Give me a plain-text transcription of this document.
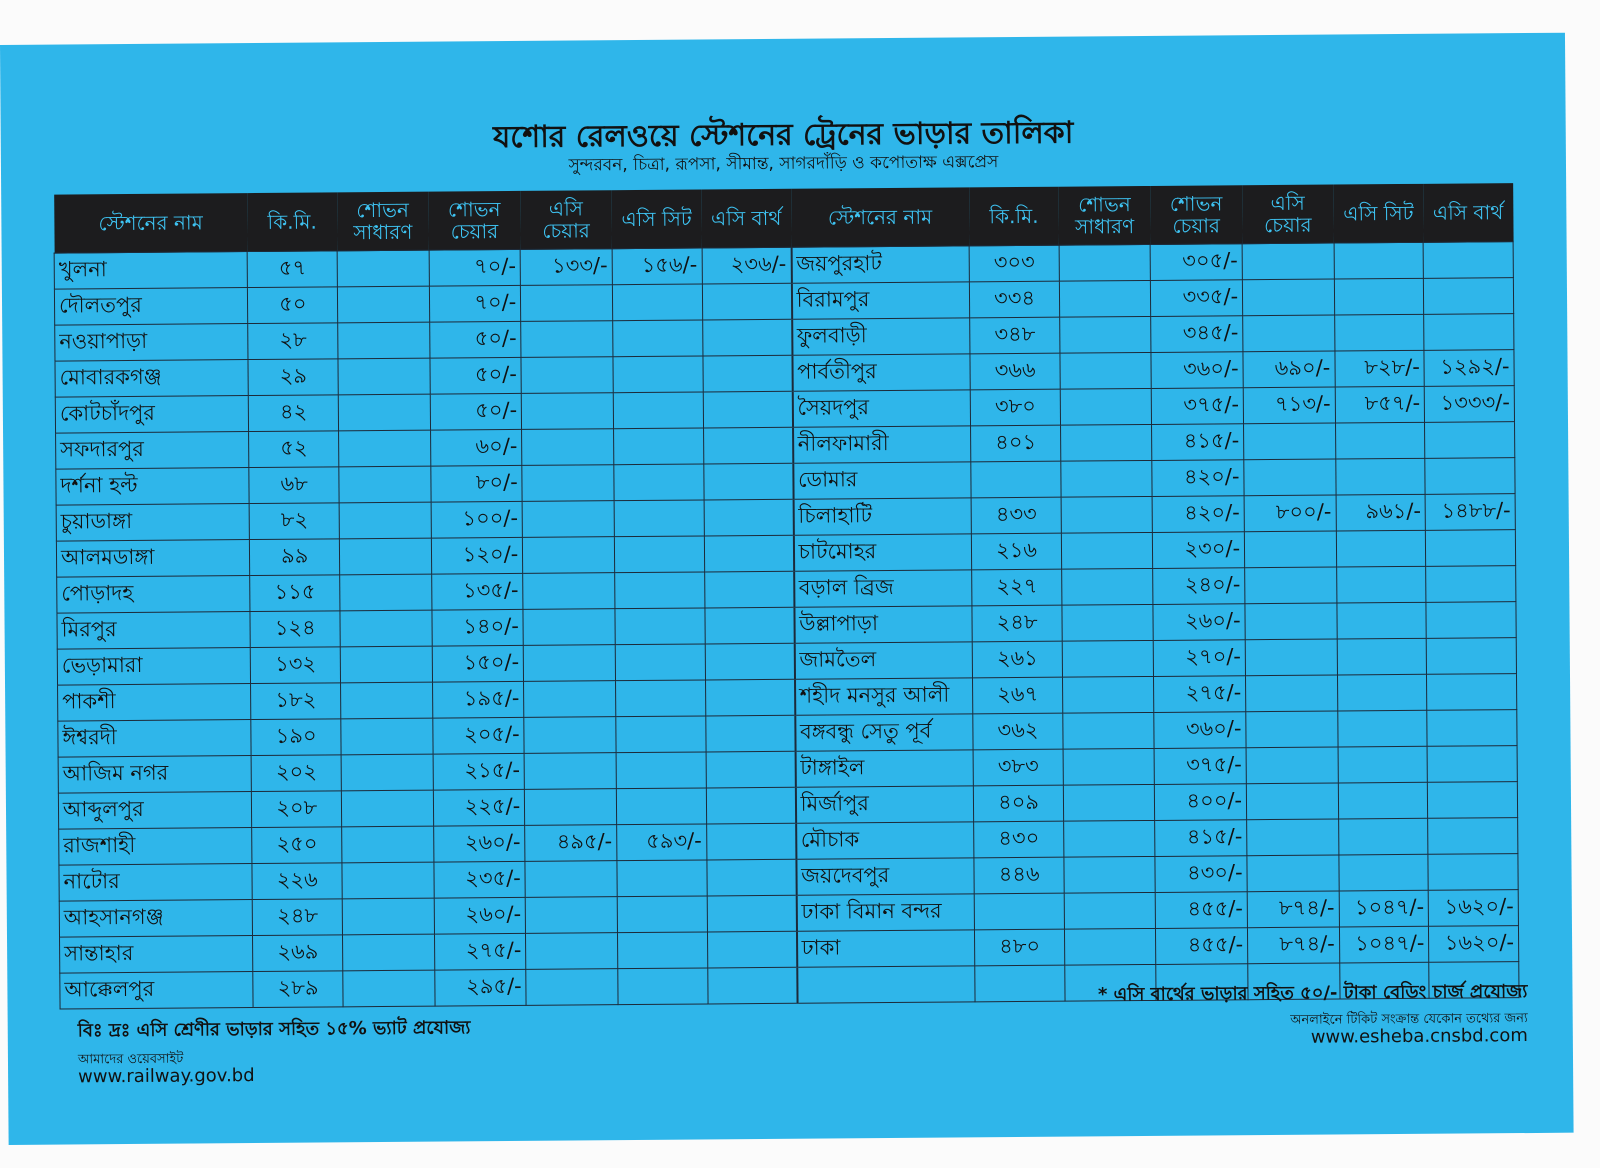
যশোর রেলওয়ে স্টেশনের ট্রেনের ভাড়ার তালিকা
সুন্দরবন, চিত্রা, রূপসা, সীমান্ত, সাগরদাঁড়ি ও কপোতাক্ষ এক্সপ্রেস
স্টেশনের নাম	কি.মি.	শোভন সাধারণ	শোভন চেয়ার	এসি চেয়ার	এসি সিট	এসি বার্থ	স্টেশনের নাম	কি.মি.	শোভন সাধারণ	শোভন চেয়ার	এসি চেয়ার	এসি সিট	এসি বার্থ
খুলনা	৫৭		৭০/-	১৩৩/-	১৫৬/-	২৩৬/-	জয়পুরহাট	৩০৩		৩০৫/-			
দৌলতপুর	৫০		৭০/-				বিরামপুর	৩৩৪		৩৩৫/-			
নওয়াপাড়া	২৮		৫০/-				ফুলবাড়ী	৩৪৮		৩৪৫/-			
মোবারকগঞ্জ	২৯		৫০/-				পার্বতীপুর	৩৬৬		৩৬০/-	৬৯০/-	৮২৮/-	১২৯২/-
কোটচাঁদপুর	৪২		৫০/-				সৈয়দপুর	৩৮০		৩৭৫/-	৭১৩/-	৮৫৭/-	১৩৩৩/-
সফদারপুর	৫২		৬০/-				নীলফামারী	৪০১		৪১৫/-			
দর্শনা হল্ট	৬৮		৮০/-				ডোমার			৪২০/-			
চুয়াডাঙ্গা	৮২		১০০/-				চিলাহাটি	৪৩৩		৪২০/-	৮০০/-	৯৬১/-	১৪৮৮/-
আলমডাঙ্গা	৯৯		১২০/-				চাটমোহর	২১৬		২৩০/-			
পোড়াদহ	১১৫		১৩৫/-				বড়াল ব্রিজ	২২৭		২৪০/-			
মিরপুর	১২৪		১৪০/-				উল্লাপাড়া	২৪৮		২৬০/-			
ভেড়ামারা	১৩২		১৫০/-				জামতৈল	২৬১		২৭০/-			
পাকশী	১৮২		১৯৫/-				শহীদ মনসুর আলী	২৬৭		২৭৫/-			
ঈশ্বরদী	১৯০		২০৫/-				বঙ্গবন্ধু সেতু পূর্ব	৩৬২		৩৬০/-			
আজিম নগর	২০২		২১৫/-				টাঙ্গাইল	৩৮৩		৩৭৫/-			
আব্দুলপুর	২০৮		২২৫/-				মির্জাপুর	৪০৯		৪০০/-			
রাজশাহী	২৫০		২৬০/-	৪৯৫/-	৫৯৩/-		মৌচাক	৪৩০		৪১৫/-			
নাটোর	২২৬		২৩৫/-				জয়দেবপুর	৪৪৬		৪৩০/-			
আহসানগঞ্জ	২৪৮		২৬০/-				ঢাকা বিমান বন্দর			৪৫৫/-	৮৭৪/-	১০৪৭/-	১৬২০/-
সান্তাহার	২৬৯		২৭৫/-				ঢাকা	৪৮০		৪৫৫/-	৮৭৪/-	১০৪৭/-	১৬২০/-
আক্কেলপুর	২৮৯		২৯৫/-										
বিঃ দ্রঃ এসি শ্রেণীর ভাড়ার সহিত ১৫% ভ্যাট প্রযোজ্য
আমাদের ওয়েবসাইট
www.railway.gov.bd
* এসি বার্থের ভাড়ার সহিত ৫০/- টাকা বেডিং চার্জ প্রযোজ্য
অনলাইনে টিকিট সংক্রান্ত যেকোন তথ্যের জন্য
www.esheba.cnsbd.com
